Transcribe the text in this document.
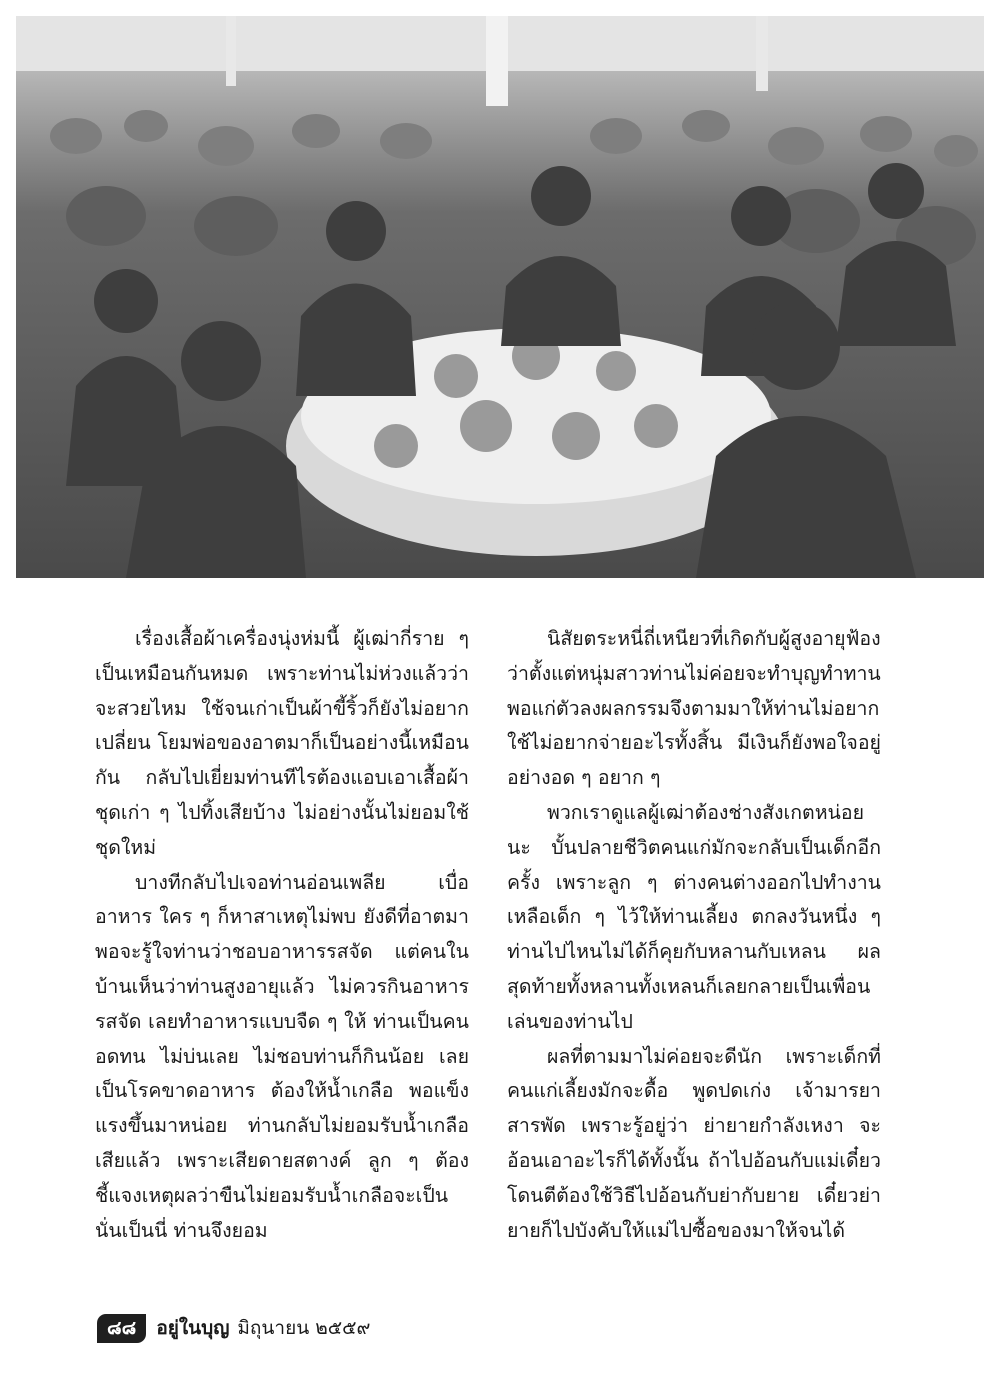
เรื่องเสื้อผ้าเครื่องนุ่งห่มนี้ ผู้เฒ่ากี่ราย ๆ เป็นเหมือนกันหมด เพราะท่านไม่ห่วงแล้วว่าจะสวยไหม ใช้จนเก่าเป็นผ้าขี้ริ้วก็ยังไม่อยากเปลี่ยน โยมพ่อของอาตมาก็เป็นอย่างนี้เหมือนกัน กลับไปเยี่ยมท่านทีไรต้องแอบเอาเสื้อผ้าชุดเก่า ๆ ไปทิ้งเสียบ้าง ไม่อย่างนั้นไม่ยอมใช้ชุดใหม่

บางทีกลับไปเจอท่านอ่อนเพลีย เบื่ออาหาร ใคร ๆ ก็หาสาเหตุไม่พบ ยังดีที่อาตมาพอจะรู้ใจท่านว่าชอบอาหารรสจัด แต่คนในบ้านเห็นว่าท่านสูงอายุแล้ว ไม่ควรกินอาหารรสจัด เลยทำอาหารแบบจืด ๆ ให้ ท่านเป็นคนอดทน ไม่บ่นเลย ไม่ชอบท่านก็กินน้อย เลยเป็นโรคขาดอาหาร ต้องให้น้ำเกลือ พอแข็งแรงขึ้นมาหน่อย ท่านกลับไม่ยอมรับน้ำเกลือเสียแล้ว เพราะเสียดายสตางค์ ลูก ๆ ต้องชี้แจงเหตุผลว่าขืนไม่ยอมรับน้ำเกลือจะเป็นนั่นเป็นนี่ ท่านจึงยอม

นิสัยตระหนี่ถี่เหนียวที่เกิดกับผู้สูงอายุฟ้องว่าตั้งแต่หนุ่มสาวท่านไม่ค่อยจะทำบุญทำทาน พอแก่ตัวลงผลกรรมจึงตามมาให้ท่านไม่อยากใช้ไม่อยากจ่ายอะไรทั้งสิ้น มีเงินก็ยังพอใจอยู่อย่างอด ๆ อยาก ๆ

พวกเราดูแลผู้เฒ่าต้องช่างสังเกตหน่อยนะ บั้นปลายชีวิตคนแก่มักจะกลับเป็นเด็กอีกครั้ง เพราะลูก ๆ ต่างคนต่างออกไปทำงาน เหลือเด็ก ๆ ไว้ให้ท่านเลี้ยง ตกลงวันหนึ่ง ๆ ท่านไปไหนไม่ได้ก็คุยกับหลานกับเหลน ผลสุดท้ายทั้งหลานทั้งเหลนก็เลยกลายเป็นเพื่อนเล่นของท่านไป

ผลที่ตามมาไม่ค่อยจะดีนัก เพราะเด็กที่คนแก่เลี้ยงมักจะดื้อ พูดปดเก่ง เจ้ามารยาสารพัด เพราะรู้อยู่ว่า ย่ายายกำลังเหงา จะอ้อนเอาอะไรก็ได้ทั้งนั้น ถ้าไปอ้อนกับแม่เดี๋ยวโดนตีต้องใช้วิธีไปอ้อนกับย่ากับยาย เดี๋ยวย่ายายก็ไปบังคับให้แม่ไปซื้อของมาให้จนได้

๘๘	อยู่ในบุญ มิถุนายน ๒๕๕๙
